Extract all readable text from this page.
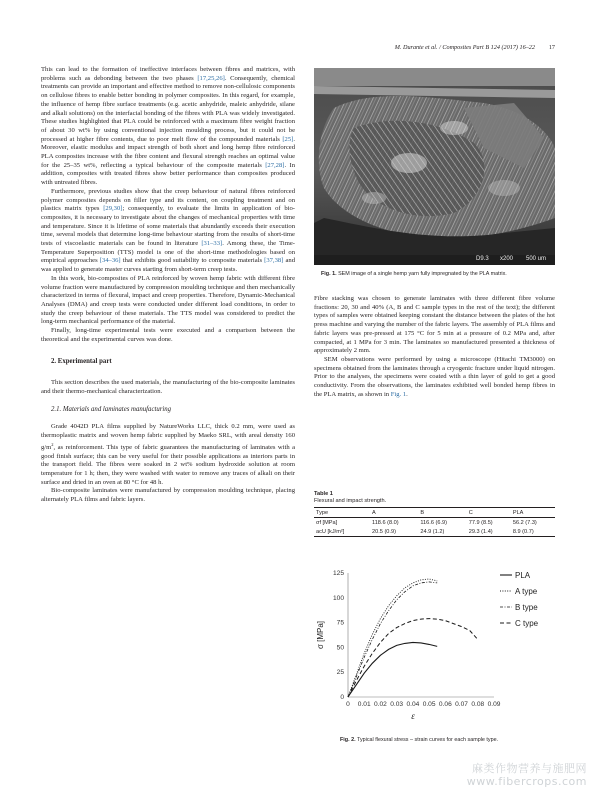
M. Durante et al. / Composites Part B 124 (2017) 16–22 17

This can lead to the formation of ineffective interfaces between fibres and matrices, with problems such as debonding between the two phases [17,25,26]. Consequently, chemical treatments can provide an important and effective method to remove non-cellulosic components on cellulose fibres to enable better bonding in polymer composites. In this regard, for example, the influence of hemp fibre surface treatments (e.g. acetic anhydride, maleic anhydride, silane and alkali solutions) on the interfacial bonding of the fibres with PLA was widely investigated. These studies highlighted that PLA could be reinforced with a maximum fibre weight fraction of about 30 wt% by using conventional injection moulding process, but it could not be processed at higher fibre contents, due to poor melt flow of the compounded materials [25]. Moreover, elastic modulus and impact strength of both short and long hemp fibre reinforced PLA composites increase with the fibre content and flexural strength reaches an optimal value for the 25–35 wt%, reflecting a typical behaviour of the composite materials [27,28]. In addition, composites with treated fibres show better performance than composites produced with untreated fibres.

Furthermore, previous studies show that the creep behaviour of natural fibres reinforced polymer composites depends on filler type and its content, on coupling treatment and on plastics matrix types [29,30]; consequently, to evaluate the limits in application of bio-composites, it is necessary to investigate about the changes of mechanical properties with time and temperature. Since it is lifetime of some materials that abundantly exceeds their execution time, several models that determine long-time behaviour starting from the results of short-time tests of viscoelastic materials can be found in literature [31–33]. Among these, the Time-Temperature Superposition (TTS) model is one of the short-time methodologies based on empirical approaches [34–36] that exhibits good suitability to composite materials [37,38] and was applied to generate master curves starting from short-term creep tests.

In this work, bio-composites of PLA reinforced by woven hemp fabric with different fibre volume fraction were manufactured by compression moulding technique and then mechanically characterized in terms of flexural, impact and creep properties. Therefore, Dynamic-Mechanical Analyses (DMA) and creep tests were conducted under different load conditions, in order to study the creep behaviour of these materials. The TTS model was considered to predict the long-term mechanical performance of the material.

Finally, long-time experimental tests were executed and a comparison between the theoretical and the experimental curves was done.

2. Experimental part

This section describes the used materials, the manufacturing of the bio-composite laminates and their thermo-mechanical characterization.

2.1. Materials and laminates manufacturing

Grade 4042D PLA films supplied by NatureWorks LLC, thick 0.2 mm, were used as thermoplastic matrix and woven hemp fabric supplied by Maeko SRL, with areal density 160 $g/m^2$, as reinforcement. This type of fabric guarantees the manufacturing of laminates with a good finish surface; this can be very useful for their possible applications as interiors parts in the transport field. The fibres were soaked in 2 wt% sodium hydroxide solution at room temperature for 1 h; then, they were washed with water to remove any traces of alkali on their surface and dried in an oven at 80 °C for 48 h.

Bio-composite laminates were manufactured by compression moulding technique, placing alternately PLA films and fabric layers.

D9.3 x200 500 um
Fig. 1. SEM image of a single hemp yarn fully impregnated by the PLA matrix.

Fibre stacking was chosen to generate laminates with three different fibre volume fractions: 20, 30 and 40% (A, B and C sample types in the rest of the text); the different types of samples were obtained keeping constant the distance between the plates of the hot press machine and varying the number of the fabric layers. The assembly of PLA films and fabric layers was pre-pressed at 175 °C for 5 min at a pressure of 0.2 MPa and, after compacted, at 1 MPa for 3 min. The laminates so manufactured presented a thickness of approximately 2 mm.

SEM observations were performed by using a microscope (Hitachi TM3000) on specimens obtained from the laminates through a cryogenic fracture under liquid nitrogen. Prior to the analyses, the specimens were coated with a thin layer of gold to get a good conductivity. From the observations, the laminates exhibited well bonded hemp fibres in the PLA matrix, as shown in Fig. 1.

Table 1
Flexural and impact strength.
Type	A	B	C	PLA
σf [MPa]	118.6 (8.0)	116.6 (6.9)	77.9 (8.5)	56.2 (7.3)
acU [kJ/m²]	20.5 (0.9)	24.9 (1.2)	29.3 (1.4)	8.9 (0.7)
0
25
50
75
100
125
0 0.01 0.02 0.03 0.04 0.05 0.06 0.07 0.08 0.09
ε
σ [MPa]
PLA
A type
B type
C type
Fig. 2. Typical flexural stress – strain curves for each sample type.
麻类作物营养与施肥网
www.fibercrops.com
